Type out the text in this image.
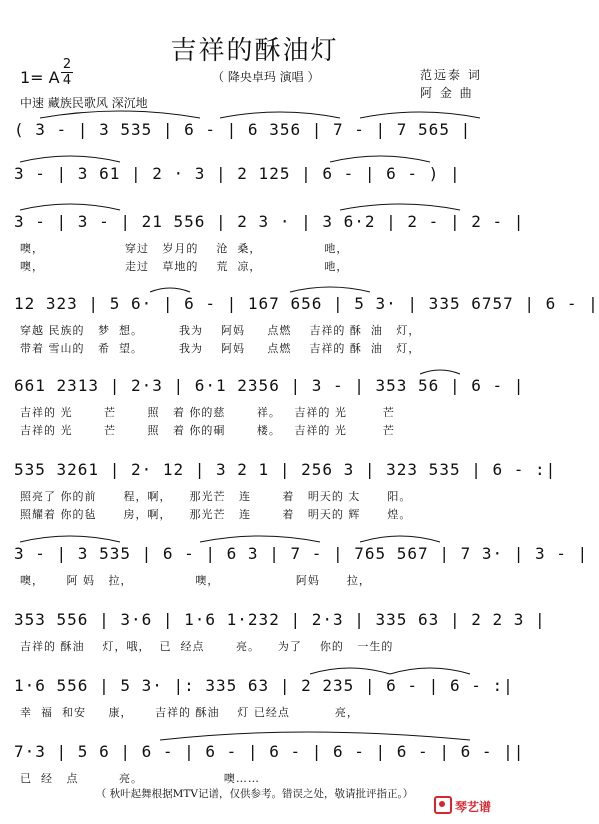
吉祥的酥油灯
1= A
2
4	（ 降央卓玛 演唱 ）	范远泰 词
阿 金 曲
中速 藏族民歌风 深沉地
( 3 - | 3 535 | 6 - | 6 356 | 7 - | 7 565 |
3 - | 3 61 | 2 · 3 | 2 125 | 6 - | 6 - ) |
3 - | 3 - | 21 556 | 2 3 · | 3 6·2 | 2 - | 2 - |
噢，                  穿过   岁月的    沧  桑，              吔，
噢，                  走过   草地的    荒  凉，              吔，
12 323 | 5 6· | 6 - | 167 656 | 5 3· | 335 6757 | 6 - |
穿越 民族的   梦  想。        我为    阿妈     点燃    吉祥的 酥  油   灯，
带着 雪山的   希  望。        我为    阿妈     点燃    吉祥的 酥  油   灯，
661 2313 | 2·3 | 6·1 2356 | 3 - | 353 56 | 6 - |
吉祥的 光       芒       照   着 你的慈       祥。   吉祥的 光        芒
吉祥的 光       芒       照   着 你的硐       楼。   吉祥的 光        芒
535 3261 | 2· 12 | 3 2 1 | 256 3 | 323 535 | 6 - :|
照亮了 你的前      程，啊，    那光芒   连       着   明天的 太      阳。
照耀着 你的毡      房，啊，    那光芒   连       着   明天的 辉      煌。
3 - | 3 535 | 6 - | 6 3 | 7 - | 765 567 | 7 3· | 3 - |
噢，     阿 妈   拉，              噢，                 阿妈      拉，
353 556 | 3·6 | 1·6 1·232 | 2·3 | 335 63 | 2 2 3 |
吉祥的 酥油    灯，哦，  已  经点       亮。    为了    你的   一生的
1·6 556 | 5 3· |: 335 63 | 2 235 | 6 - | 6 - :|
幸  福  和安     康，     吉祥的 酥油    灯 已经点          亮，
7·3 | 5 6 | 6 - | 6 - | 6 - | 6 - | 6 - | 6 - ||
已  经   点         亮。                  噢……
（ 秋叶起舞根据MTV记谱，仅供参考。错误之处，敬请批评指正。）
琴艺谱
